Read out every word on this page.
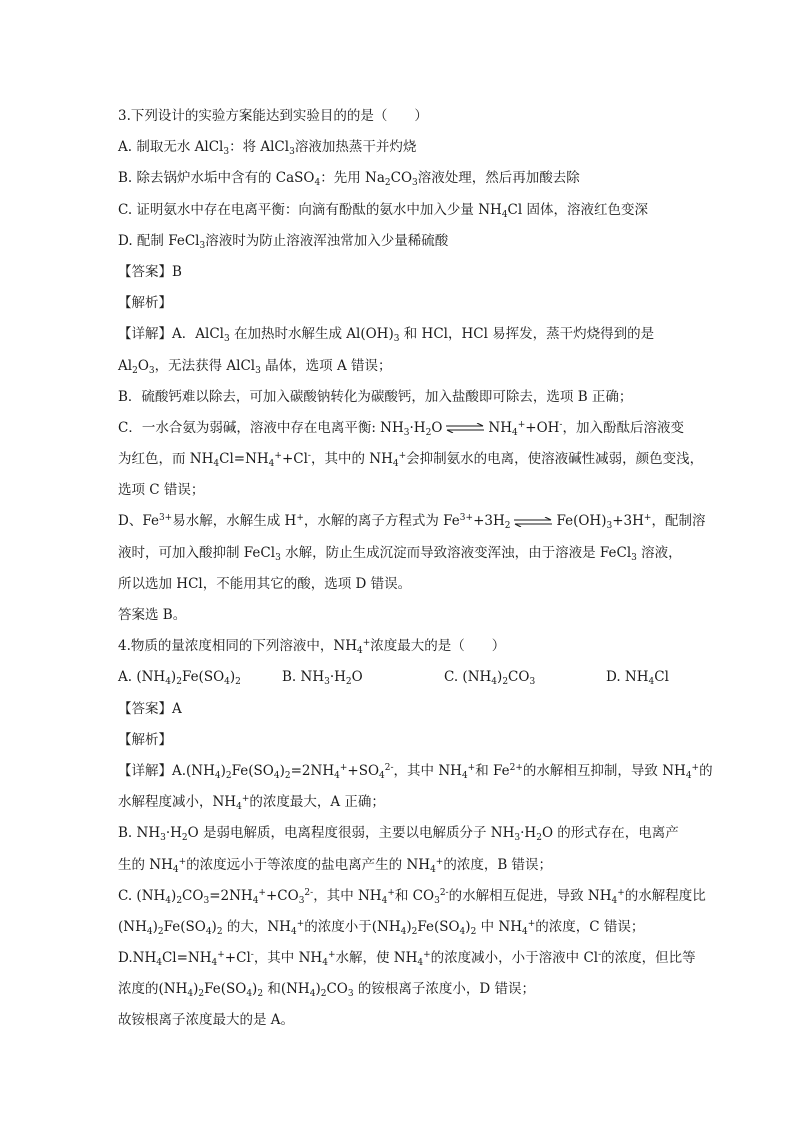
3.下列设计的实验方案能达到实验目的的是（　　）
A. 制取无水 AlCl$_3$：将 AlCl$_3$溶液加热蒸干并灼烧
B. 除去锅炉水垢中含有的 CaSO$_4$：先用 $Na_2CO_3$溶液处理，然后再加酸去除
C. 证明氨水中存在电离平衡：向滴有酚酞的氨水中加入少量 $NH_4Cl$ 固体，溶液红色变深
D. 配制 FeCl$_3$溶液时为防止溶液浑浊常加入少量稀硫酸
【答案】B
【解析】
【详解】A．AlCl$_3$ 在加热时水解生成 $Al(OH)_3$ 和 HCl，HCl 易挥发，蒸干灼烧得到的是
$Al_2O_3$，无法获得 AlCl$_3$ 晶体，选项 A 错误；
B．硫酸钙难以除去，可加入碳酸钠转化为碳酸钙，加入盐酸即可除去，选项 B 正确；
C．一水合氨为弱碱，溶液中存在电离平衡: $NH_3\cdot H_2O$ ⇌ $NH_4^++OH^-$，加入酚酞后溶液变
为红色，而 $NH_4Cl=NH_4^++Cl^-$，其中的 $NH_4^+$会抑制氨水的电离，使溶液碱性减弱，颜色变浅，
选项 C 错误；
D、$Fe^{3+}$易水解，水解生成 H+，水解的离子方程式为 $Fe^{3+}+3H_2$ ⇌ $Fe(OH)_3+3H^+$，配制溶
液时，可加入酸抑制 FeCl$_3$ 水解，防止生成沉淀而导致溶液变浑浊，由于溶液是 FeCl$_3$ 溶液，
所以选加 HCl，不能用其它的酸，选项 D 错误。
答案选 B。
4.物质的量浓度相同的下列溶液中，$NH_4^+$浓度最大的是（　　）
A. $(NH_4)_2Fe(SO_4)_2$	B. $NH_3\cdot H_2O$	C. $(NH_4)_2CO_3$	D. $NH_4Cl$
【答案】A
【解析】
【详解】$A.(NH_4)_2Fe(SO_4)_2=2NH_4^++SO_4^{2-}$，其中 $NH_4^+$和 $Fe^{2+}$的水解相互抑制，导致 $NH_4^+$的
水解程度减小，$NH_4^+$的浓度最大，A 正确；
B. $NH_3\cdot H_2O$ 是弱电解质，电离程度很弱，主要以电解质分子 $NH_3\cdot H_2O$ 的形式存在，电离产
生的 $NH_4^+$的浓度远小于等浓度的盐电离产生的 $NH_4^+$的浓度，B 错误；
C. $(NH_4)_2CO_3=2NH_4^++CO_3^{2-}$，其中 $NH_4^+$和 $CO_3^{2-}$的水解相互促进，导致 $NH_4^+$的水解程度比
$(NH_4)_2Fe(SO_4)_2$ 的大，$NH_4^+$的浓度小于$(NH_4)_2Fe(SO_4)_2$ 中 $NH_4^+$的浓度，C 错误；
$D.NH_4Cl=NH_4^++Cl^-$，其中 $NH_4^+$水解，使 $NH_4^+$的浓度减小，小于溶液中 Cl-的浓度，但比等
浓度的$(NH_4)_2Fe(SO_4)_2$ 和$(NH_4)_2CO_3$ 的铵根离子浓度小，D 错误；
故铵根离子浓度最大的是 A。
